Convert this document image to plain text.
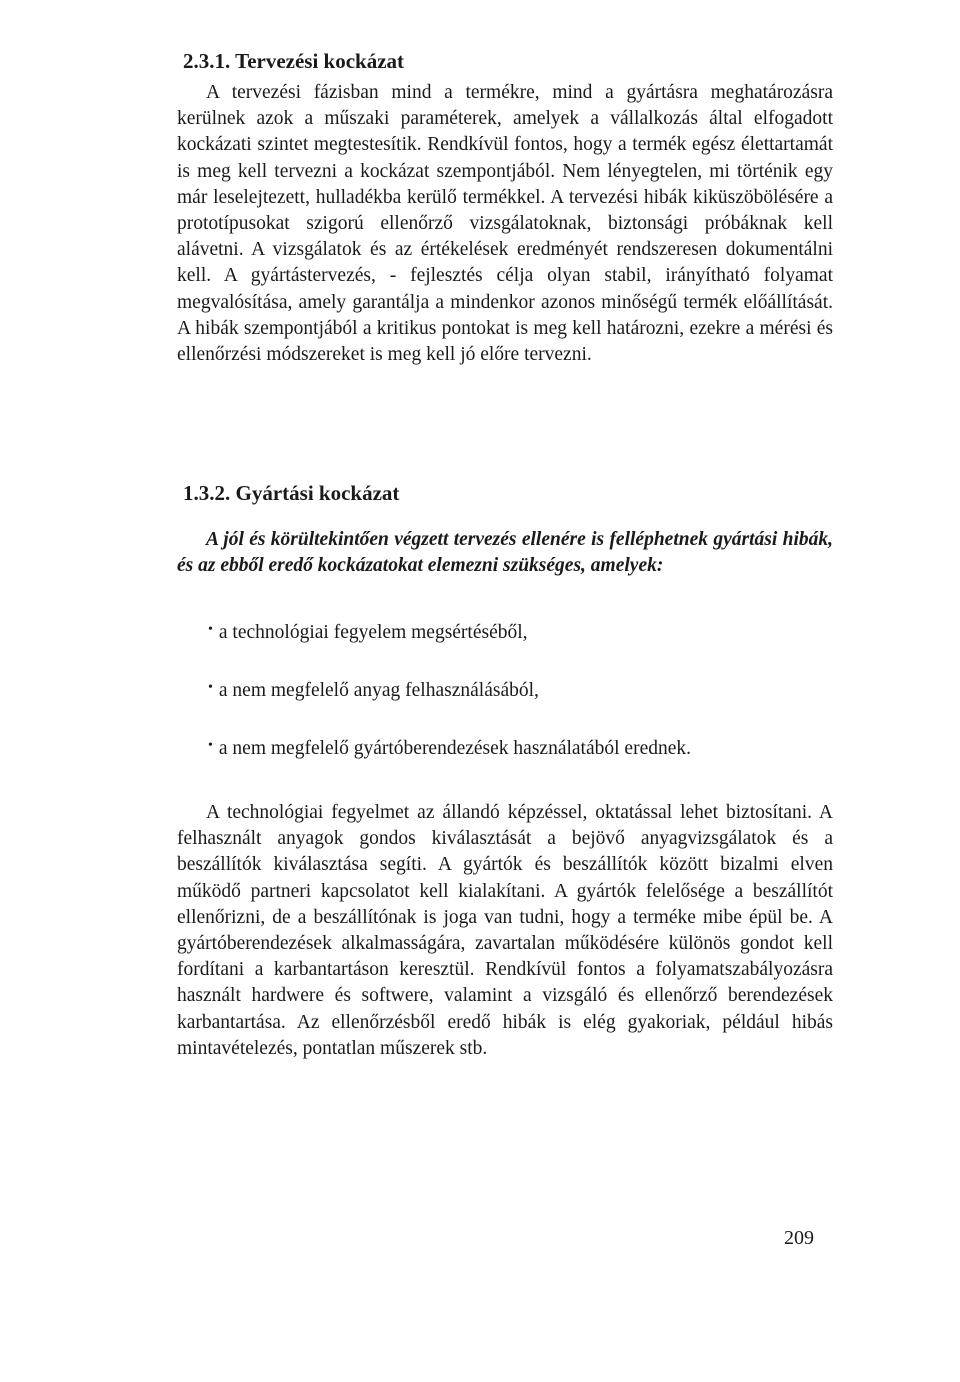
2.3.1. Tervezési kockázat

A tervezési fázisban mind a termékre, mind a gyártásra meghatározásra kerülnek azok a műszaki paraméterek, amelyek a vállalkozás által elfogadott kockázati szintet megtestesítik. Rendkívül fontos, hogy a termék egész élettartamát is meg kell tervezni a kockázat szempontjából. Nem lényegtelen, mi történik egy már leselejtezett, hulladékba kerülő termékkel. A tervezési hibák kiküszöbölésére a prototípusokat szigorú ellenőrző vizsgálatoknak, biztonsági próbáknak kell alávetni. A vizsgálatok és az értékelések eredményét rendszeresen dokumentálni kell. A gyártástervezés, - fejlesztés célja olyan stabil, irányítható folyamat megvalósítása, amely garantálja a mindenkor azonos minőségű termék előállítását. A hibák szempontjából a kritikus pontokat is meg kell határozni, ezekre a mérési és ellenőrzési módszereket is meg kell jó előre tervezni.

1.3.2. Gyártási kockázat

A jól és körültekintően végzett tervezés ellenére is felléphetnek gyártási hibák, és az ebből eredő kockázatokat elemezni szükséges, amelyek:

• a technológiai fegyelem megsértéséből,
• a nem megfelelő anyag felhasználásából,
• a nem megfelelő gyártóberendezések használatából erednek.

A technológiai fegyelmet az állandó képzéssel, oktatással lehet biztosítani. A felhasznált anyagok gondos kiválasztását a bejövő anyagvizsgálatok és a beszállítók kiválasztása segíti. A gyártók és beszállítók között bizalmi elven működő partneri kapcsolatot kell kialakítani. A gyártók felelősége a beszállítót ellenőrizni, de a beszállítónak is joga van tudni, hogy a terméke mibe épül be. A gyártóberendezések alkalmasságára, zavartalan működésére különös gondot kell fordítani a karbantartáson keresztül. Rendkívül fontos a folyamatszabályozásra használt hardwere és softwere, valamint a vizsgáló és ellenőrző berendezések karbantartása. Az ellenőrzésből eredő hibák is elég gyakoriak, például hibás mintavételezés, pontatlan műszerek stb.

209
